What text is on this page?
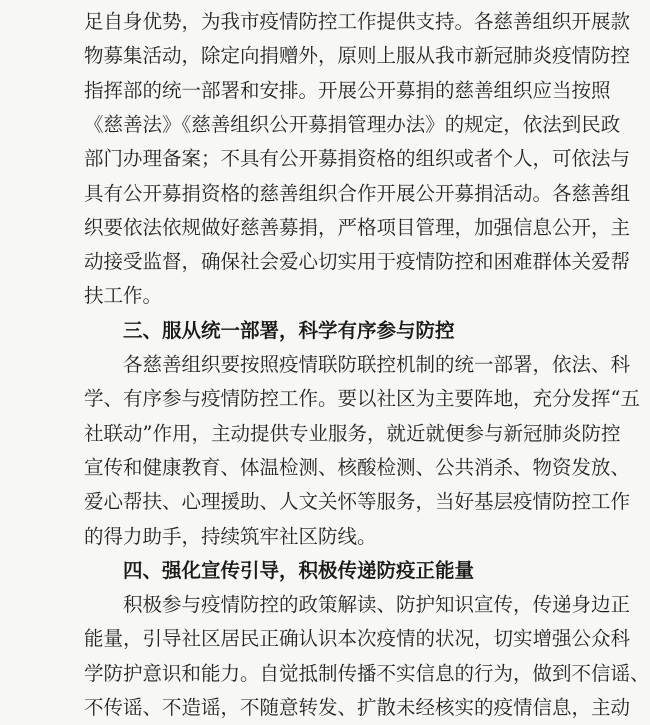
足自身优势，为我市疫情防控工作提供支持。各慈善组织开展款
物募集活动，除定向捐赠外，原则上服从我市新冠肺炎疫情防控
指挥部的统一部署和安排。开展公开募捐的慈善组织应当按照
《慈善法》《慈善组织公开募捐管理办法》的规定，依法到民政
部门办理备案；不具有公开募捐资格的组织或者个人，可依法与
具有公开募捐资格的慈善组织合作开展公开募捐活动。各慈善组
织要依法依规做好慈善募捐，严格项目管理，加强信息公开，主
动接受监督，确保社会爱心切实用于疫情防控和困难群体关爱帮
扶工作。
三、服从统一部署，科学有序参与防控
各慈善组织要按照疫情联防联控机制的统一部署，依法、科
学、有序参与疫情防控工作。要以社区为主要阵地，充分发挥“五
社联动”作用，主动提供专业服务，就近就便参与新冠肺炎防控
宣传和健康教育、体温检测、核酸检测、公共消杀、物资发放、
爱心帮扶、心理援助、人文关怀等服务，当好基层疫情防控工作
的得力助手，持续筑牢社区防线。
四、强化宣传引导，积极传递防疫正能量
积极参与疫情防控的政策解读、防护知识宣传，传递身边正
能量，引导社区居民正确认识本次疫情的状况，切实增强公众科
学防护意识和能力。自觉抵制传播不实信息的行为，做到不信谣、
不传谣、不造谣，不随意转发、扩散未经核实的疫情信息，主动
